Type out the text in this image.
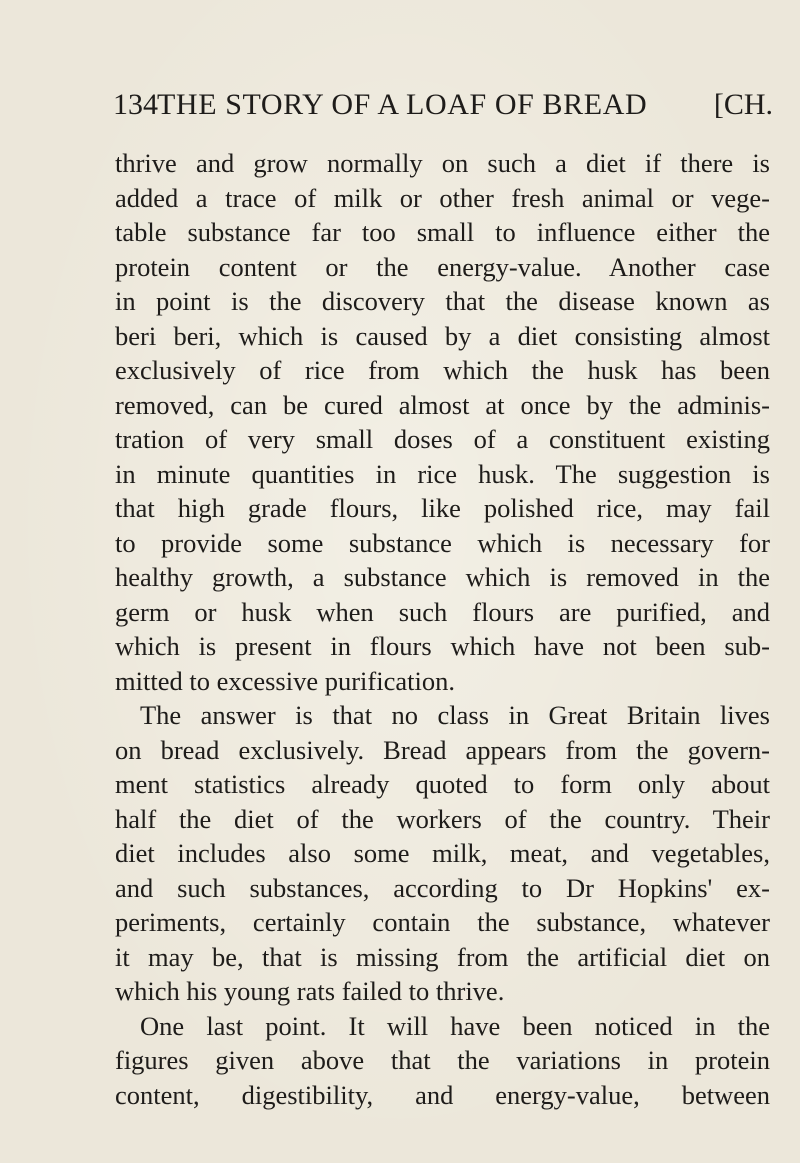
134 THE STORY OF A LOAF OF BREAD [CH.
thrive and grow normally on such a diet if there is
added a trace of milk or other fresh animal or vege-
table substance far too small to influence either the
protein content or the energy-value. Another case
in point is the discovery that the disease known as
beri beri, which is caused by a diet consisting almost
exclusively of rice from which the husk has been
removed, can be cured almost at once by the adminis-
tration of very small doses of a constituent existing
in minute quantities in rice husk. The suggestion is
that high grade flours, like polished rice, may fail
to provide some substance which is necessary for
healthy growth, a substance which is removed in the
germ or husk when such flours are purified, and
which is present in flours which have not been sub-
mitted to excessive purification.
The answer is that no class in Great Britain lives
on bread exclusively. Bread appears from the govern-
ment statistics already quoted to form only about
half the diet of the workers of the country. Their
diet includes also some milk, meat, and vegetables,
and such substances, according to Dr Hopkins' ex-
periments, certainly contain the substance, whatever
it may be, that is missing from the artificial diet on
which his young rats failed to thrive.
One last point. It will have been noticed in the
figures given above that the variations in protein
content, digestibility, and energy-value, between
